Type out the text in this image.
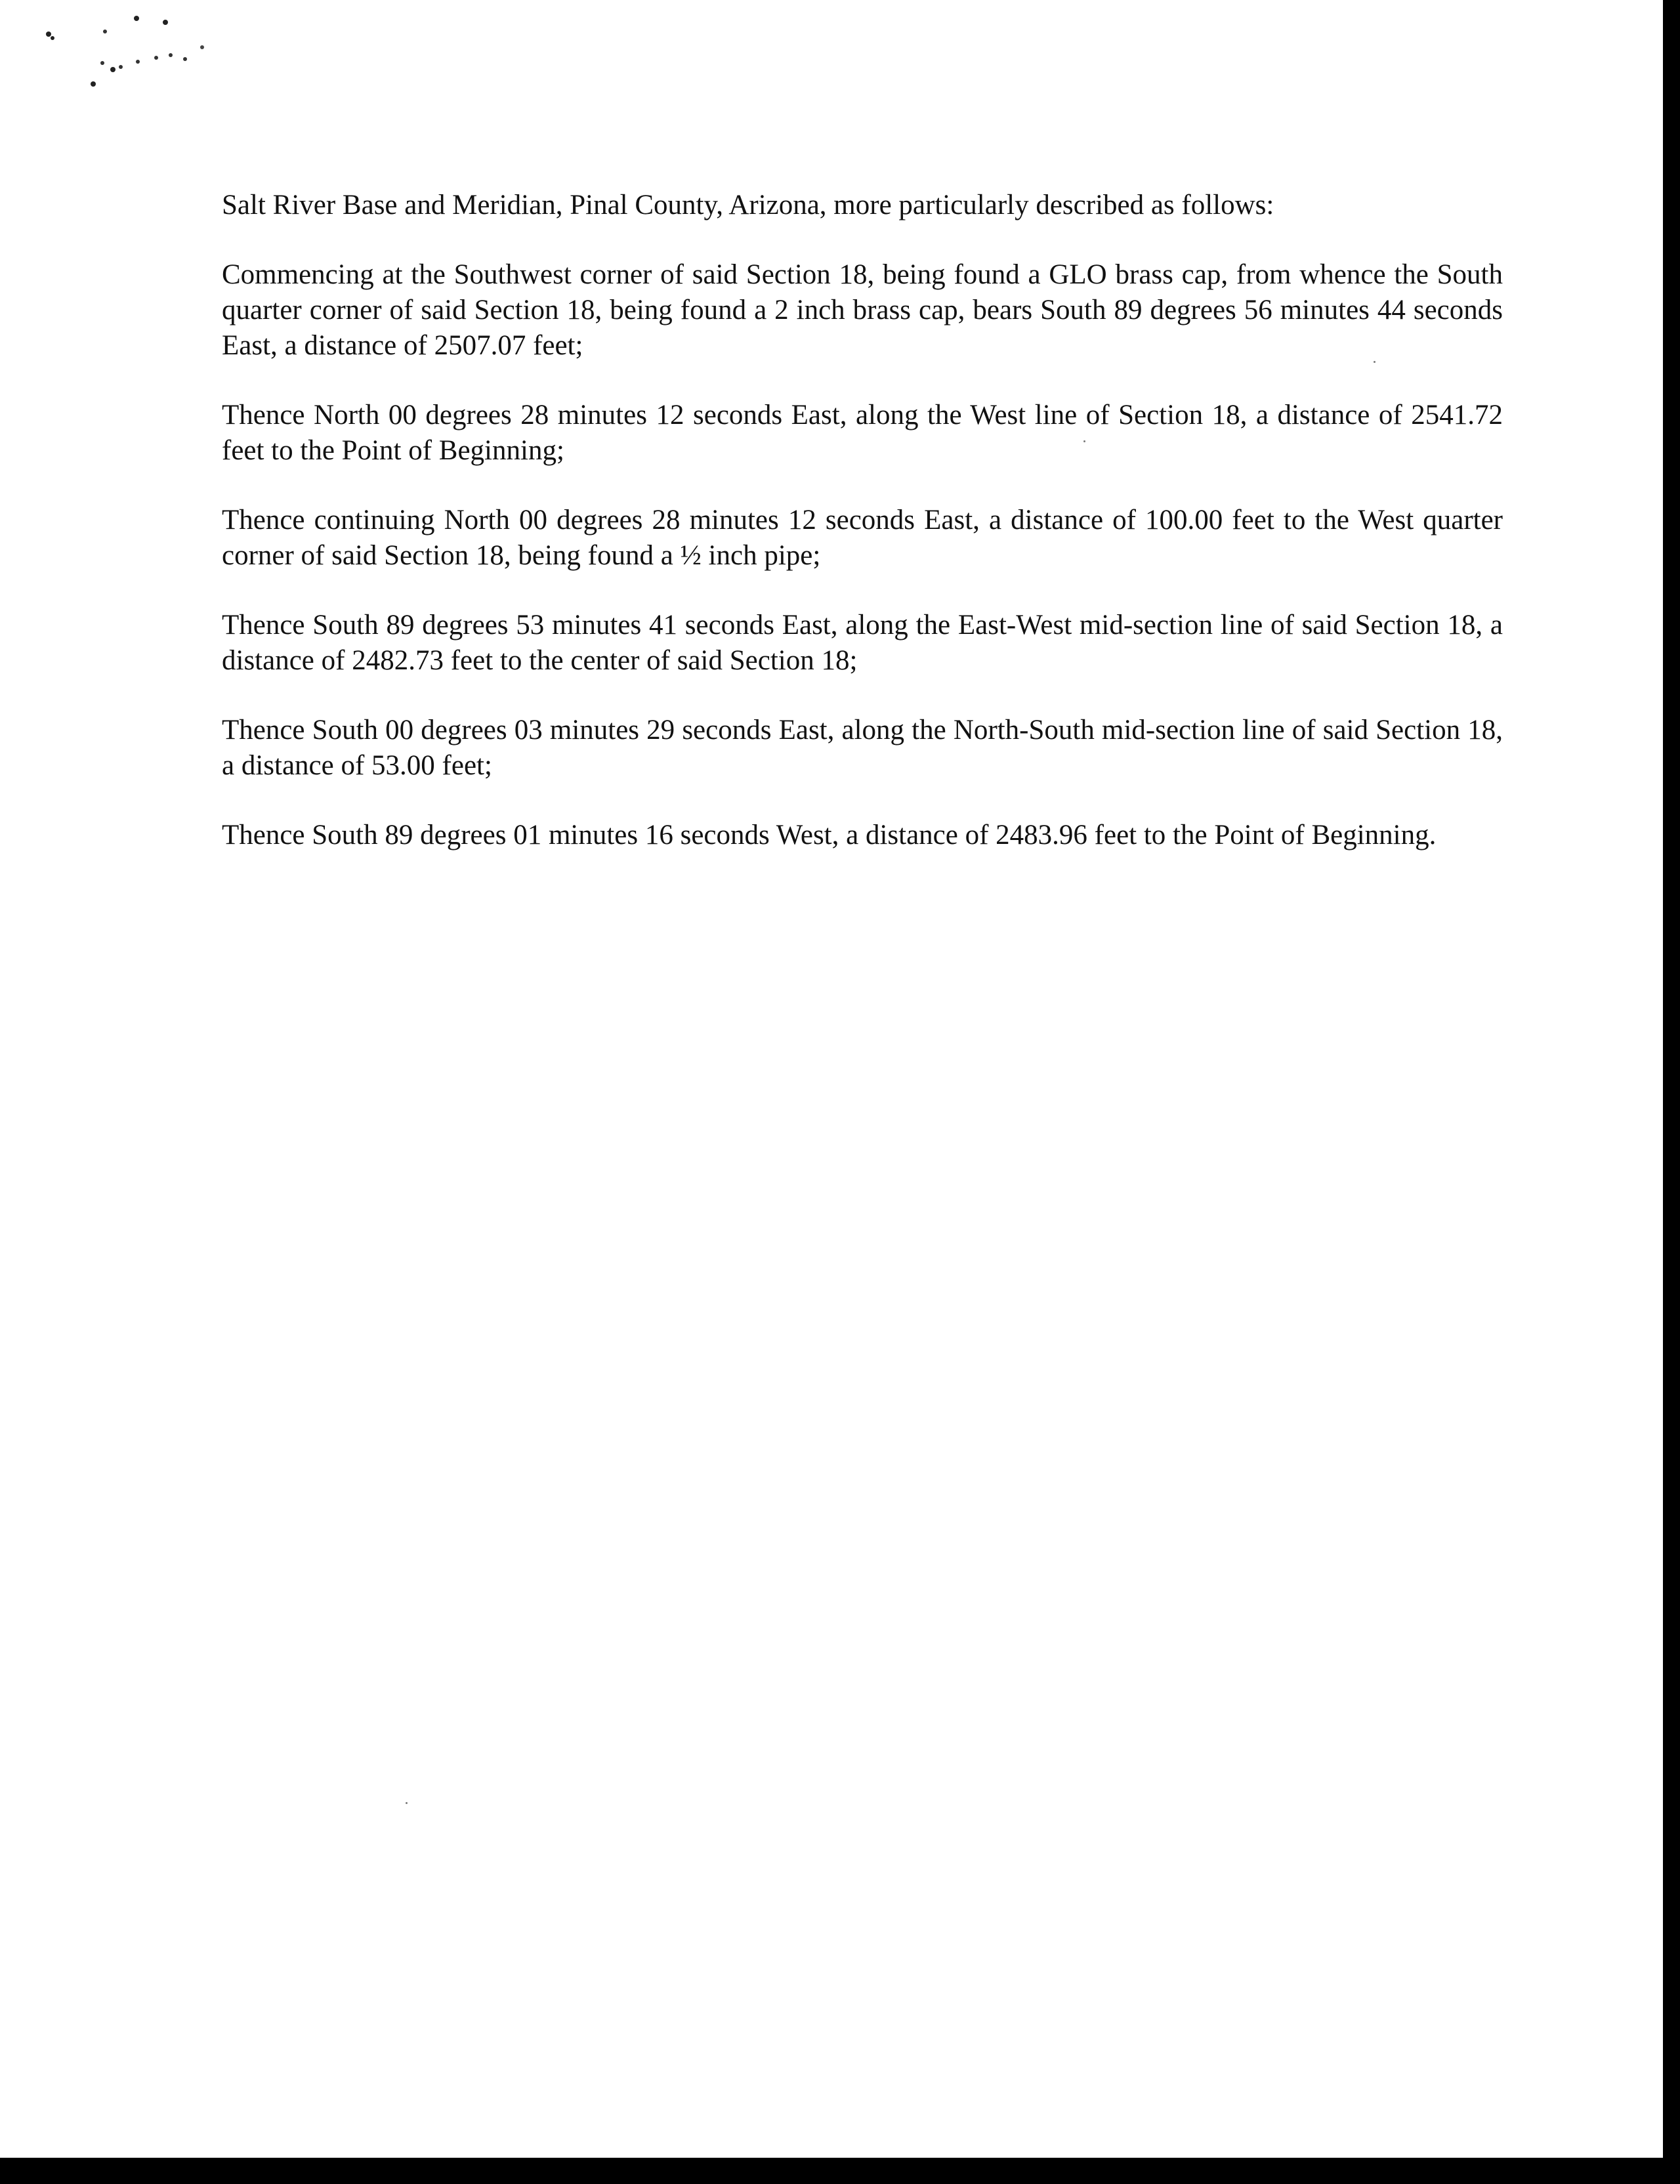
Salt River Base and Meridian, Pinal County, Arizona, more particularly described as follows:

Commencing at the Southwest corner of said Section 18, being found a GLO brass cap, from whence the South quarter corner of said Section 18, being found a 2 inch brass cap, bears South 89 degrees 56 minutes 44 seconds East, a distance of 2507.07 feet;

Thence North 00 degrees 28 minutes 12 seconds East, along the West line of Section 18, a distance of 2541.72 feet to the Point of Beginning;

Thence continuing North 00 degrees 28 minutes 12 seconds East, a distance of 100.00 feet to the West quarter corner of said Section 18, being found a ½ inch pipe;

Thence South 89 degrees 53 minutes 41 seconds East, along the East-West mid-section line of said Section 18, a distance of 2482.73 feet to the center of said Section 18;

Thence South 00 degrees 03 minutes 29 seconds East, along the North-South mid-section line of said Section 18, a distance of 53.00 feet;

Thence South 89 degrees 01 minutes 16 seconds West, a distance of 2483.96 feet to the Point of Beginning.
